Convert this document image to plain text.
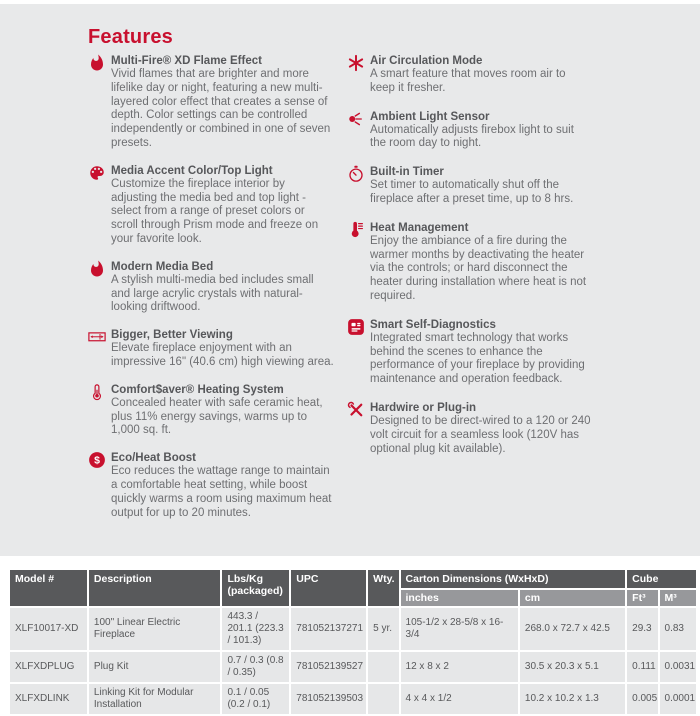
Features
Multi-Fire® XD Flame Effect
Vivid flames that are brighter and more lifelike day or night, featuring a new multi-layered color effect that creates a sense of depth. Color settings can be controlled independently or combined in one of seven presets.
Media Accent Color/Top Light
Customize the fireplace interior by adjusting the media bed and top light - select from a range of preset colors or scroll through Prism mode and freeze on your favorite look.
Modern Media Bed
A stylish multi-media bed includes small and large acrylic crystals with natural-looking driftwood.
Bigger, Better Viewing
Elevate fireplace enjoyment with an impressive 16" (40.6 cm) high viewing area.
Comfort$aver® Heating System
Concealed heater with safe ceramic heat, plus 11% energy savings, warms up to 1,000 sq. ft.
$ Eco/Heat Boost
Eco reduces the wattage range to maintain a comfortable heat setting, while boost quickly warms a room using maximum heat output for up to 20 minutes.
Air Circulation Mode
A smart feature that moves room air to keep it fresher.
Ambient Light Sensor
Automatically adjusts firebox light to suit the room day to night.
Built-in Timer
Set timer to automatically shut off the fireplace after a preset time, up to 8 hrs.
Heat Management
Enjoy the ambiance of a fire during the warmer months by deactivating the heater via the controls; or hard disconnect the heater during installation where heat is not required.
Smart Self-Diagnostics
Integrated smart technology that works behind the scenes to enhance the performance of your fireplace by providing maintenance and operation feedback.
Hardwire or Plug-in
Designed to be direct-wired to a 120 or 240 volt circuit for a seamless look (120V has optional plug kit available).
Model #	Description	Lbs/Kg (packaged)	UPC	Wty.	Carton Dimensions (WxHxD)		Cube	
					inches	cm	Ft³	M³
XLF10017-XD	100" Linear Electric Fireplace	443.3 / 201.1 (223.3 / 101.3)	781052137271	5 yr.	105-1/2 x 28-5/8 x 16-3/4	268.0 x 72.7 x 42.5	29.3	0.83
XLFXDPLUG	Plug Kit	0.7 / 0.3 (0.8 / 0.35)	781052139527		12 x 8 x 2	30.5 x 20.3 x 5.1	0.111	0.0031
XLFXDLINK	Linking Kit for Modular Installation	0.1 / 0.05 (0.2 / 0.1)	781052139503		4 x 4 x 1/2	10.2 x 10.2 x 1.3	0.005	0.0001
